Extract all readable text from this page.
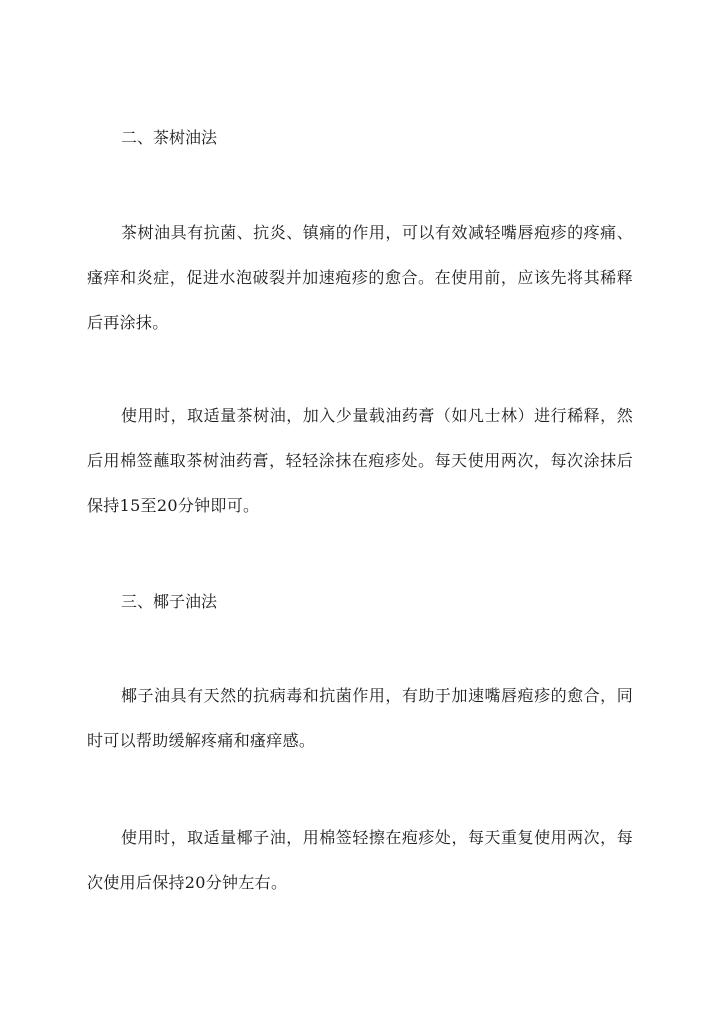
二、茶树油法

茶树油具有抗菌、抗炎、镇痛的作用，可以有效减轻嘴唇疱疹的疼痛、瘙痒和炎症，促进水泡破裂并加速疱疹的愈合。在使用前，应该先将其稀释后再涂抹。

使用时，取适量茶树油，加入少量载油药膏（如凡士林）进行稀释，然后用棉签蘸取茶树油药膏，轻轻涂抹在疱疹处。每天使用两次，每次涂抹后保持15至20分钟即可。

三、椰子油法

椰子油具有天然的抗病毒和抗菌作用，有助于加速嘴唇疱疹的愈合，同时可以帮助缓解疼痛和瘙痒感。

使用时，取适量椰子油，用棉签轻擦在疱疹处，每天重复使用两次，每次使用后保持20分钟左右。
